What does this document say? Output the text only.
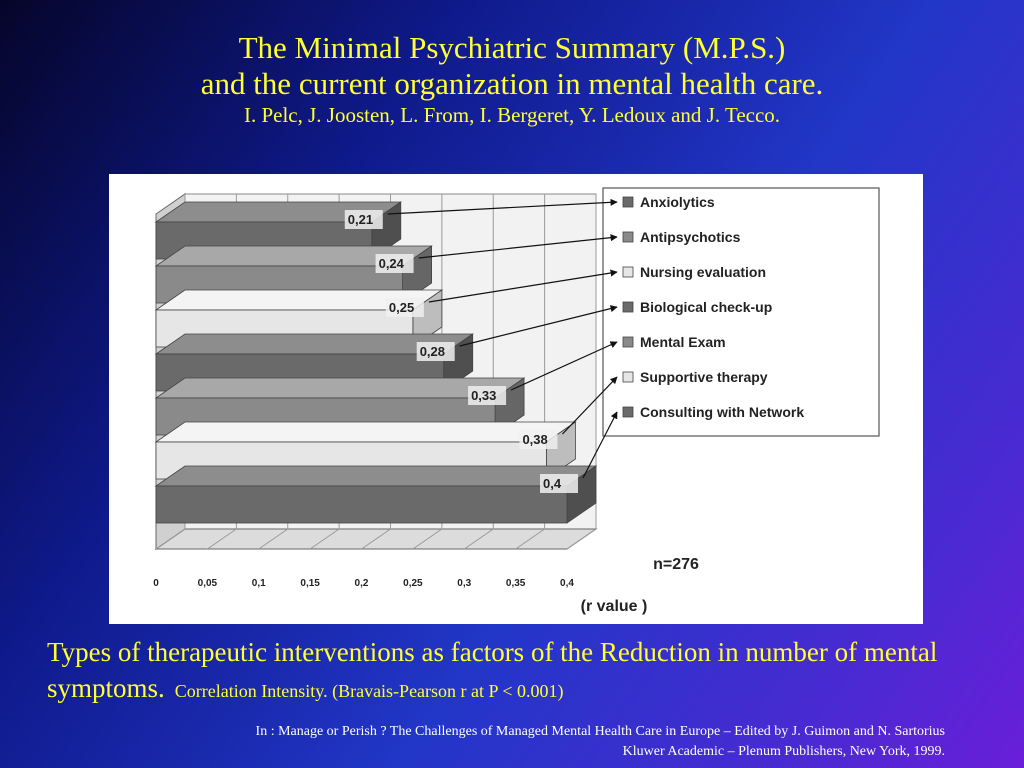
The Minimal Psychiatric Summary (M.P.S.)
and the current organization in mental health care.
I. Pelc, J. Joosten, L. From, I. Bergeret, Y. Ledoux and J. Tecco.
0,21
0,24
0,25
0,28
0,33
0,38
0,4
0	0,05	0,1	0,15	0,2	0,25	0,3	0,35	0,4
(r value )
n=276
Anxiolytics
Antipsychotics
Nursing evaluation
Biological check-up
Mental Exam
Supportive therapy
Consulting with Network
Types of therapeutic interventions as factors of the Reduction in number of mental symptoms. Correlation Intensity. (Bravais-Pearson r at P < 0.001)
In : Manage or Perish ? The Challenges of Managed Mental Health Care in Europe – Edited by J. Guimon and N. Sartorius
Kluwer Academic – Plenum Publishers, New York, 1999.
